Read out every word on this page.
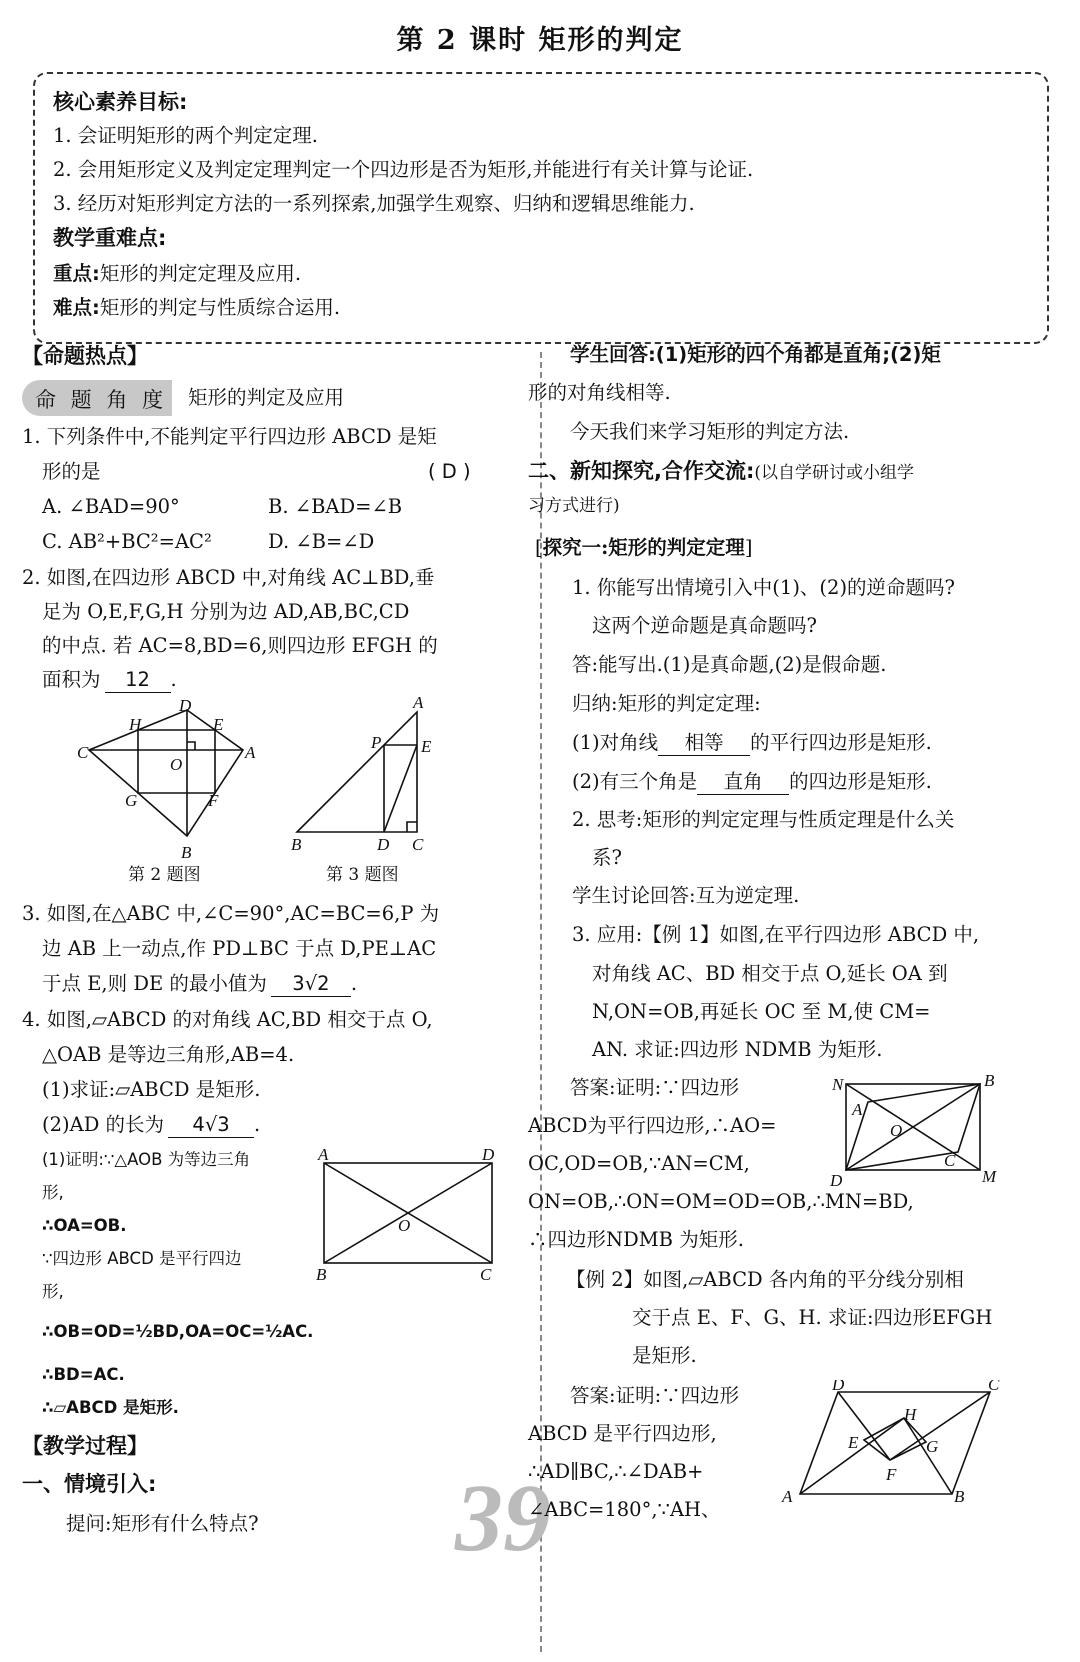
第 2 课时 矩形的判定
核心素养目标:
1. 会证明矩形的两个判定定理.
2. 会用矩形定义及判定定理判定一个四边形是否为矩形,并能进行有关计算与论证.
3. 经历对矩形判定方法的一系列探索,加强学生观察、归纳和逻辑思维能力.
教学重难点:
重点:矩形的判定定理及应用.
难点:矩形的判定与性质综合运用.
【命题热点】
命 题 角 度 矩形的判定及应用
1. 下列条件中,不能判定平行四边形 ABCD 是矩
形的是	( D )
A. ∠BAD=90°	B. ∠BAD=∠B
C. AB²+BC²=AC²	D. ∠B=∠D
2. 如图,在四边形 ABCD 中,对角线 AC⊥BD,垂
足为 O,E,F,G,H 分别为边 AD,AB,BC,CD
的中点. 若 AC=8,BD=6,则四边形 EFGH 的
面积为 12 .
D
H	E
C	A
O
G	F
B
第 2 题图
A
P E
B	D C
第 3 题图
3. 如图,在△ABC 中,∠C=90°,AC=BC=6,P 为
边 AB 上一动点,作 PD⊥BC 于点 D,PE⊥AC
于点 E,则 DE 的最小值为 3√2 .
4. 如图,▱ABCD 的对角线 AC,BD 相交于点 O,
△OAB 是等边三角形,AB=4.
(1)求证:▱ABCD 是矩形.
(2)AD 的长为 4√3 .
(1)证明:∵△AOB 为等边三角
形,
∴OA=OB.
∵四边形 ABCD 是平行四边
形,
∴OB=OD=½BD,OA=OC=½AC.
∴BD=AC.
∴▱ABCD 是矩形.
A	D
O
B	C
【教学过程】
一、情境引入:
提问:矩形有什么特点? 39
学生回答:(1)矩形的四个角都是直角;(2)矩
形的对角线相等.
今天我们来学习矩形的判定方法.
二、新知探究,合作交流:(以自学研讨或小组学
习方式进行)
[探究一:矩形的判定定理]
1. 你能写出情境引入中(1)、(2)的逆命题吗?
这两个逆命题是真命题吗?
答:能写出.(1)是真命题,(2)是假命题.
归纳:矩形的判定定理:
(1)对角线 相等 的平行四边形是矩形.
(2)有三个角是 直角 的四边形是矩形.
2. 思考:矩形的判定定理与性质定理是什么关
系?
学生讨论回答:互为逆定理.
3. 应用:【例 1】如图,在平行四边形 ABCD 中,
对角线 AC、BD 相交于点 O,延长 OA 到
N,ON=OB,再延长 OC 至 M,使 CM=
AN. 求证:四边形 NDMB 为矩形.
答案:证明:∵四边形
ABCD为平行四边形,∴AO=
OC,OD=OB,∵AN=CM,
ON=OB,∴ON=OM=OD=OB,∴MN=BD,
∴四边形NDMB 为矩形.
N	B
A
O
C
D	M
【例 2】如图,▱ABCD 各内角的平分线分别相
交于点 E、F、G、H. 求证:四边形EFGH
是矩形.
答案:证明:∵四边形
ABCD 是平行四边形,
∴AD∥BC,∴∠DAB+
∠ABC=180°,∵AH、
D	C
H
E	G
F
A	B
